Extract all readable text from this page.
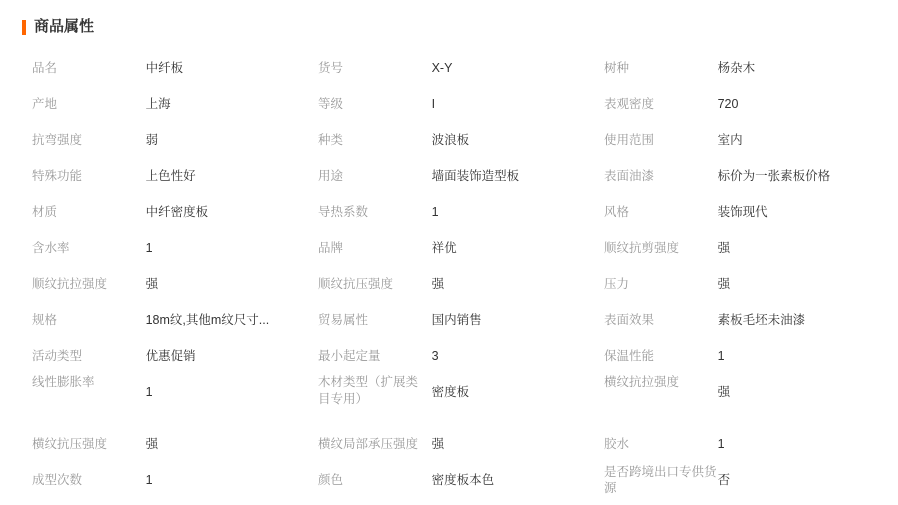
商品属性
品名	中纤板	货号	X-Y	树种	杨杂木

产地	上海	等级	I	表观密度	720

抗弯强度	弱	种类	波浪板	使用范围	室内

特殊功能	上色性好	用途	墙面装饰造型板	表面油漆	标价为一张素板价格

材质	中纤密度板	导热系数	1	风格	装饰现代

含水率	1	品牌	祥优	顺纹抗剪强度	强

顺纹抗拉强度	强	顺纹抗压强度	强	压力	强

规格	18m纹,其他m纹尺寸...	贸易属性	国内销售	表面效果	素板毛坯未油漆

活动类型	优惠促销	最小起定量	3	保温性能	1

线性膨胀率	1	木材类型（扩展类目专用）	密度板	横纹抗拉强度	强

横纹抗压强度	强	横纹局部承压强度	强	胶水	1

成型次数	1	颜色	密度板本色	是否跨境出口专供货源	否
